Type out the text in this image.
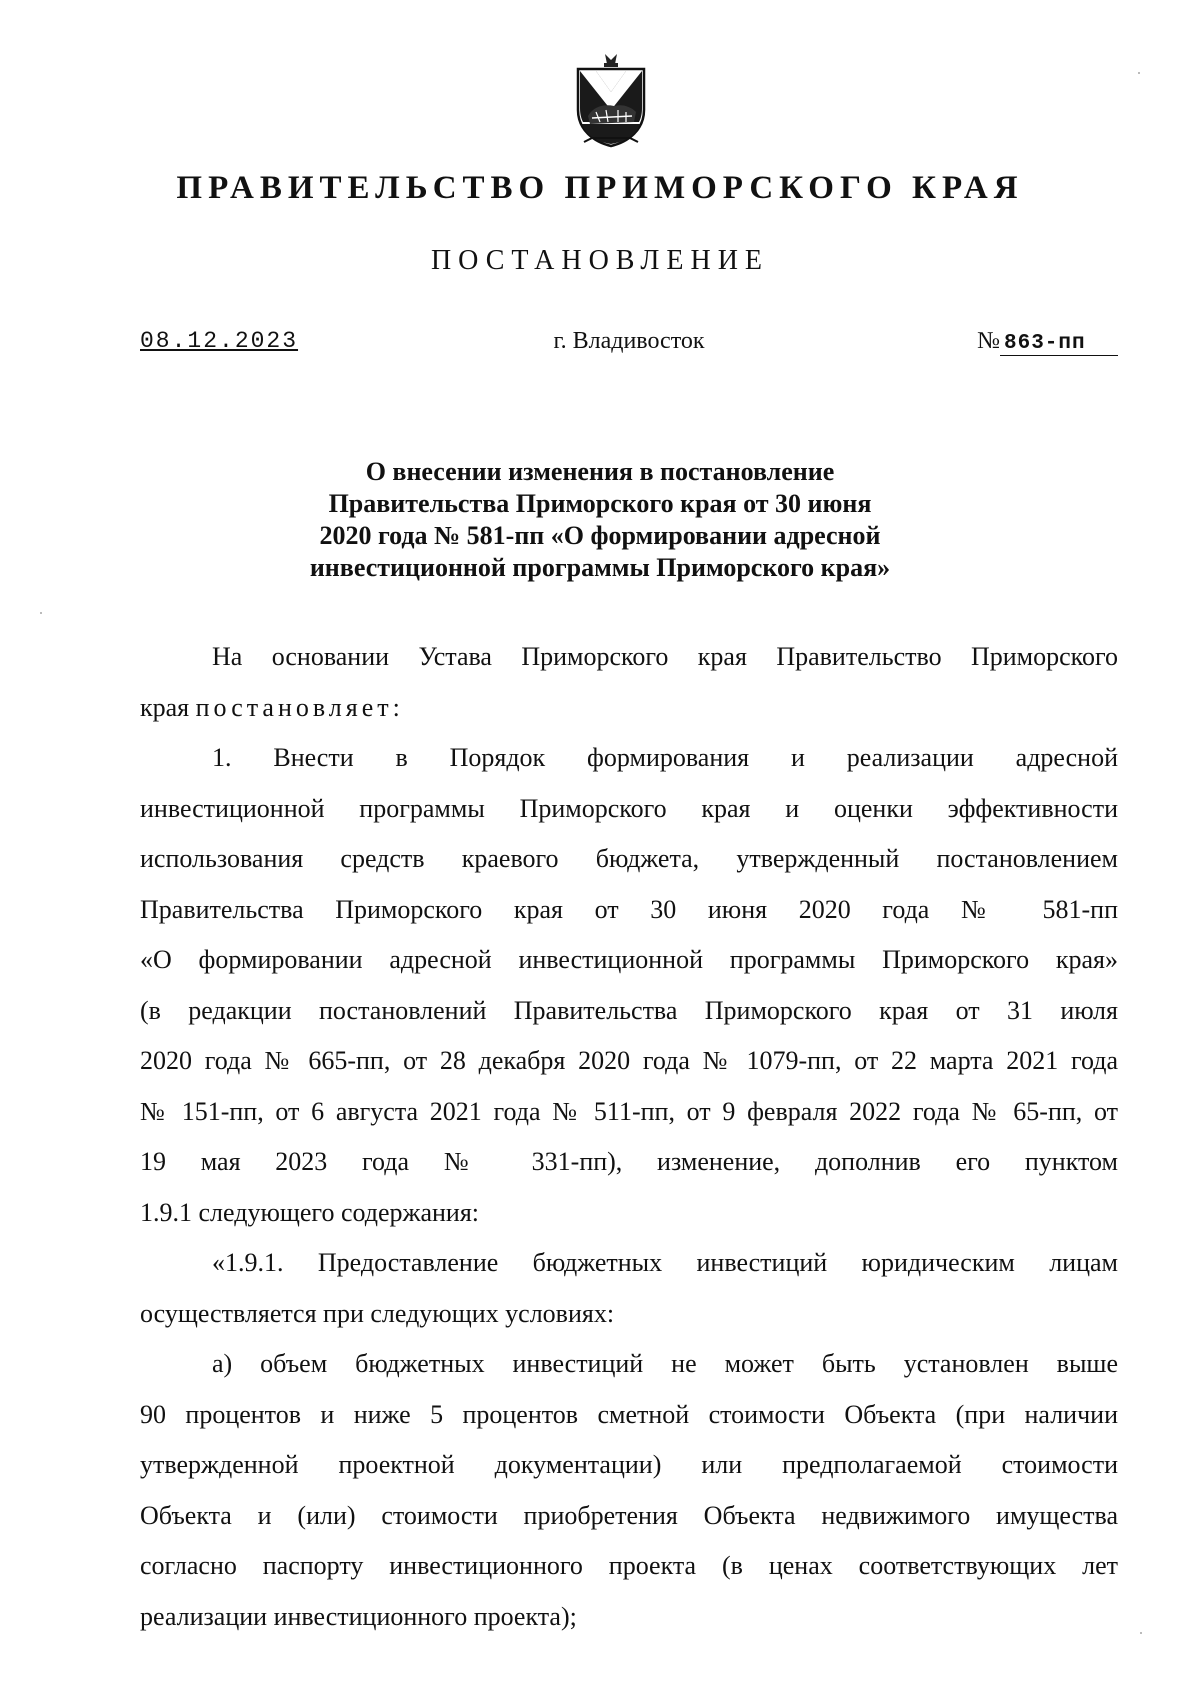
ПРАВИТЕЛЬСТВО ПРИМОРСКОГО КРАЯ
ПОСТАНОВЛЕНИЕ
08.12.2023	г. Владивосток	№ 863-пп
О внесении изменения в постановление
Правительства Приморского края от 30 июня
2020 года № 581-пп «О формировании адресной
инвестиционной программы Приморского края»
На основании Устава Приморского края Правительство Приморского
края постановляет:
1. Внести в Порядок формирования и реализации адресной
инвестиционной программы Приморского края и оценки эффективности
использования средств краевого бюджета, утвержденный постановлением
Правительства Приморского края от 30 июня 2020 года № 581-пп
«О формировании адресной инвестиционной программы Приморского края»
(в редакции постановлений Правительства Приморского края от 31 июля
2020 года № 665-пп, от 28 декабря 2020 года № 1079-пп, от 22 марта 2021 года
№ 151-пп, от 6 августа 2021 года № 511-пп, от 9 февраля 2022 года № 65-пп, от
19 мая 2023 года № 331-пп), изменение, дополнив его пунктом
1.9.1 следующего содержания:
«1.9.1. Предоставление бюджетных инвестиций юридическим лицам
осуществляется при следующих условиях:
а) объем бюджетных инвестиций не может быть установлен выше
90 процентов и ниже 5 процентов сметной стоимости Объекта (при наличии
утвержденной проектной документации) или предполагаемой стоимости
Объекта и (или) стоимости приобретения Объекта недвижимого имущества
согласно паспорту инвестиционного проекта (в ценах соответствующих лет
реализации инвестиционного проекта);
